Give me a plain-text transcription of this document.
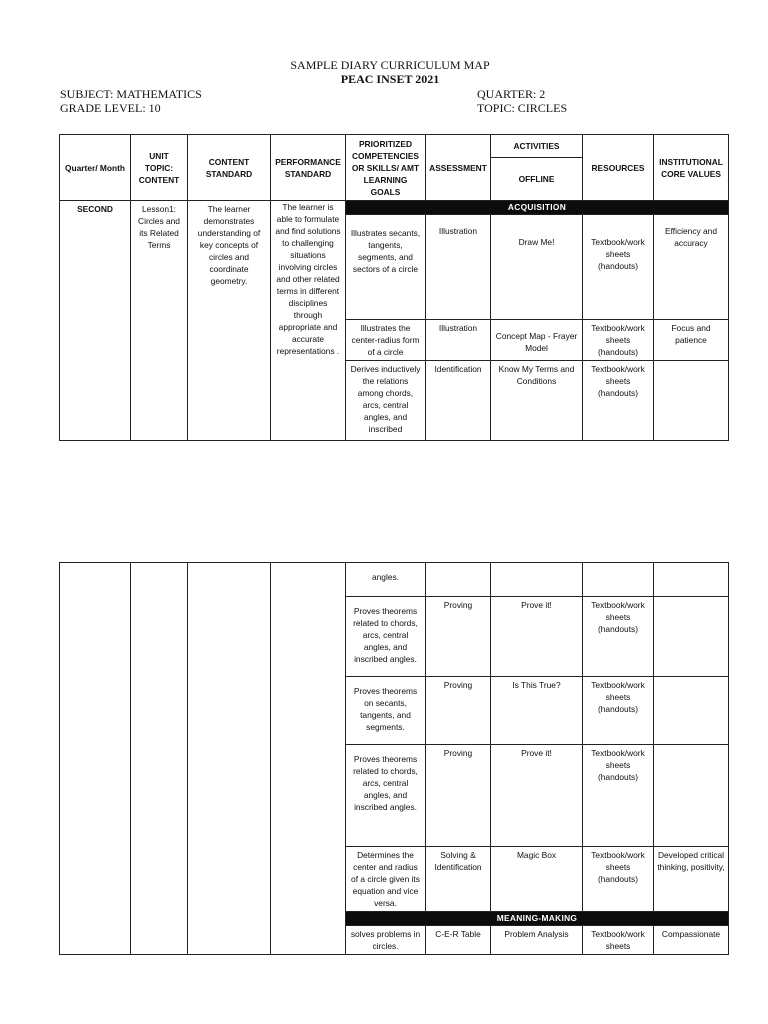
SAMPLE DIARY CURRICULUM MAP
PEAC INSET 2021
SUBJECT: MATHEMATICS
GRADE LEVEL: 10
QUARTER: 2
TOPIC: CIRCLES
Quarter/ Month	UNIT TOPIC: CONTENT	CONTENT STANDARD	PERFORMANCE STANDARD	PRIORITIZED COMPETENCIES OR SKILLS/ AMT LEARNING GOALS	ASSESSMENT	ACTIVITIES
OFFLINE	RESOURCES	INSTITUTIONAL CORE VALUES
SECOND	Lesson1: Circles and its Related Terms	The learner demonstrates understanding of key concepts of circles and coordinate geometry.	The learner is able to formulate and find solutions to challenging situations involving circles and other related terms in different disciplines through appropriate and accurate representations .	ACQUISITION				
				Illustrates secants, tangents, segments, and sectors of a circle	Illustration	Draw Me!	Textbook/work sheets (handouts)	Efficiency and accuracy
				Illustrates the center-radius form of a circle	Illustration	Concept Map - Frayer Model	Textbook/work sheets (handouts)	Focus and patience
				Derives inductively the relations among chords, arcs, central angles, and inscribed	Identification	Know My Terms and Conditions	Textbook/work sheets (handouts)	
				angles.				
				Proves theorems related to chords, arcs, central angles, and inscribed angles.	Proving	Prove it!	Textbook/work sheets (handouts)	
				Proves theorems on secants, tangents, and segments.	Proving	Is This True?	Textbook/work sheets (handouts)	
				Proves theorems related to chords, arcs, central angles, and inscribed angles.	Proving	Prove it!	Textbook/work sheets (handouts)	
				Determines the center and radius of a circle given its equation and vice versa.	Solving & Identification	Magic Box	Textbook/work sheets (handouts)	Developed critical thinking, positivity,
				MEANING-MAKING				
				solves problems in circles.	C-E-R Table	Problem Analysis	Textbook/work sheets	Compassionate
